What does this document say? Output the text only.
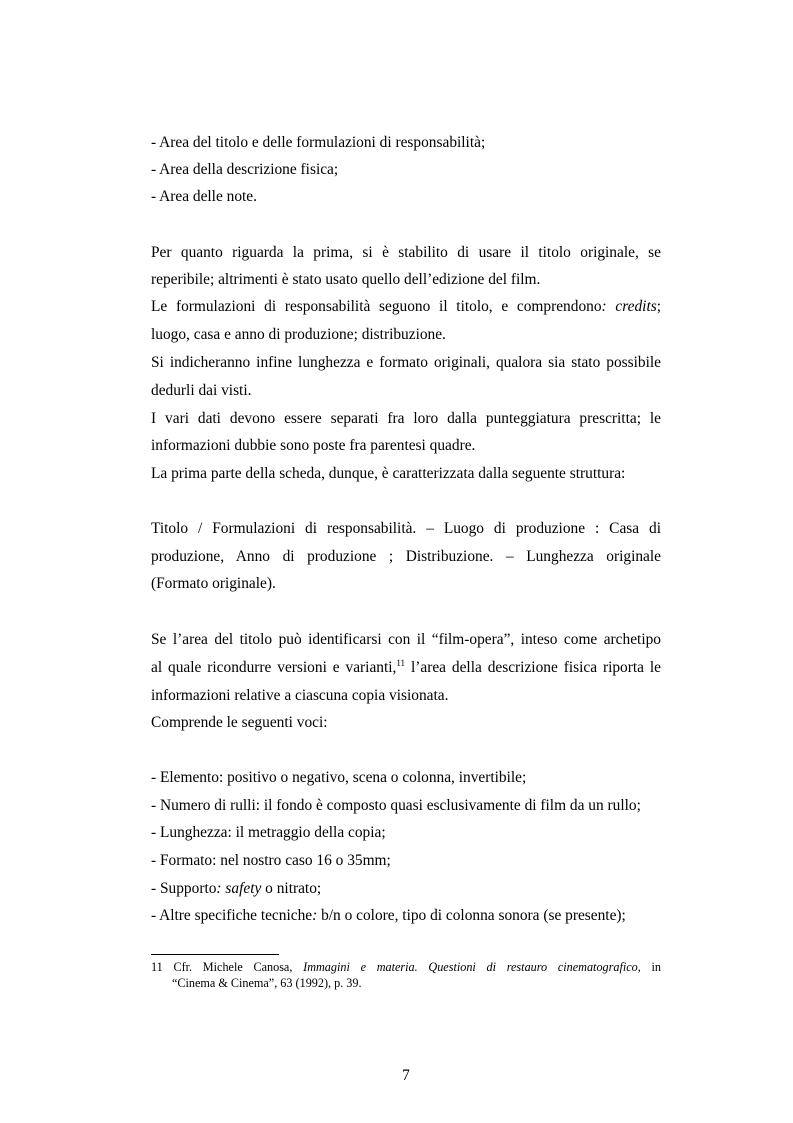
- Area del titolo e delle formulazioni di responsabilità;
- Area della descrizione fisica;
- Area delle note.
Per quanto riguarda la prima, si è stabilito di usare il titolo originale, se
reperibile; altrimenti è stato usato quello dell’edizione del film.
Le formulazioni di responsabilità seguono il titolo, e comprendono: credits;
luogo, casa e anno di produzione; distribuzione.
Si indicheranno infine lunghezza e formato originali, qualora sia stato possibile
dedurli dai visti.
I vari dati devono essere separati fra loro dalla punteggiatura prescritta; le
informazioni dubbie sono poste fra parentesi quadre.
La prima parte della scheda, dunque, è caratterizzata dalla seguente struttura:
Titolo / Formulazioni di responsabilità. – Luogo di produzione : Casa di
produzione, Anno di produzione ; Distribuzione. – Lunghezza originale
(Formato originale).
Se l’area del titolo può identificarsi con il “film-opera”, inteso come archetipo
al quale ricondurre versioni e varianti,$^{11}$ l’area della descrizione fisica riporta le
informazioni relative a ciascuna copia visionata.
Comprende le seguenti voci:
- Elemento: positivo o negativo, scena o colonna, invertibile;
- Numero di rulli: il fondo è composto quasi esclusivamente di film da un rullo;
- Lunghezza: il metraggio della copia;
- Formato: nel nostro caso 16 o 35mm;
- Supporto: safety o nitrato;
- Altre specifiche tecniche: b/n o colore, tipo di colonna sonora (se presente);
11 Cfr. Michele Canosa, Immagini e materia. Questioni di restauro cinematografico, in
“Cinema & Cinema”, 63 (1992), p. 39.
7
